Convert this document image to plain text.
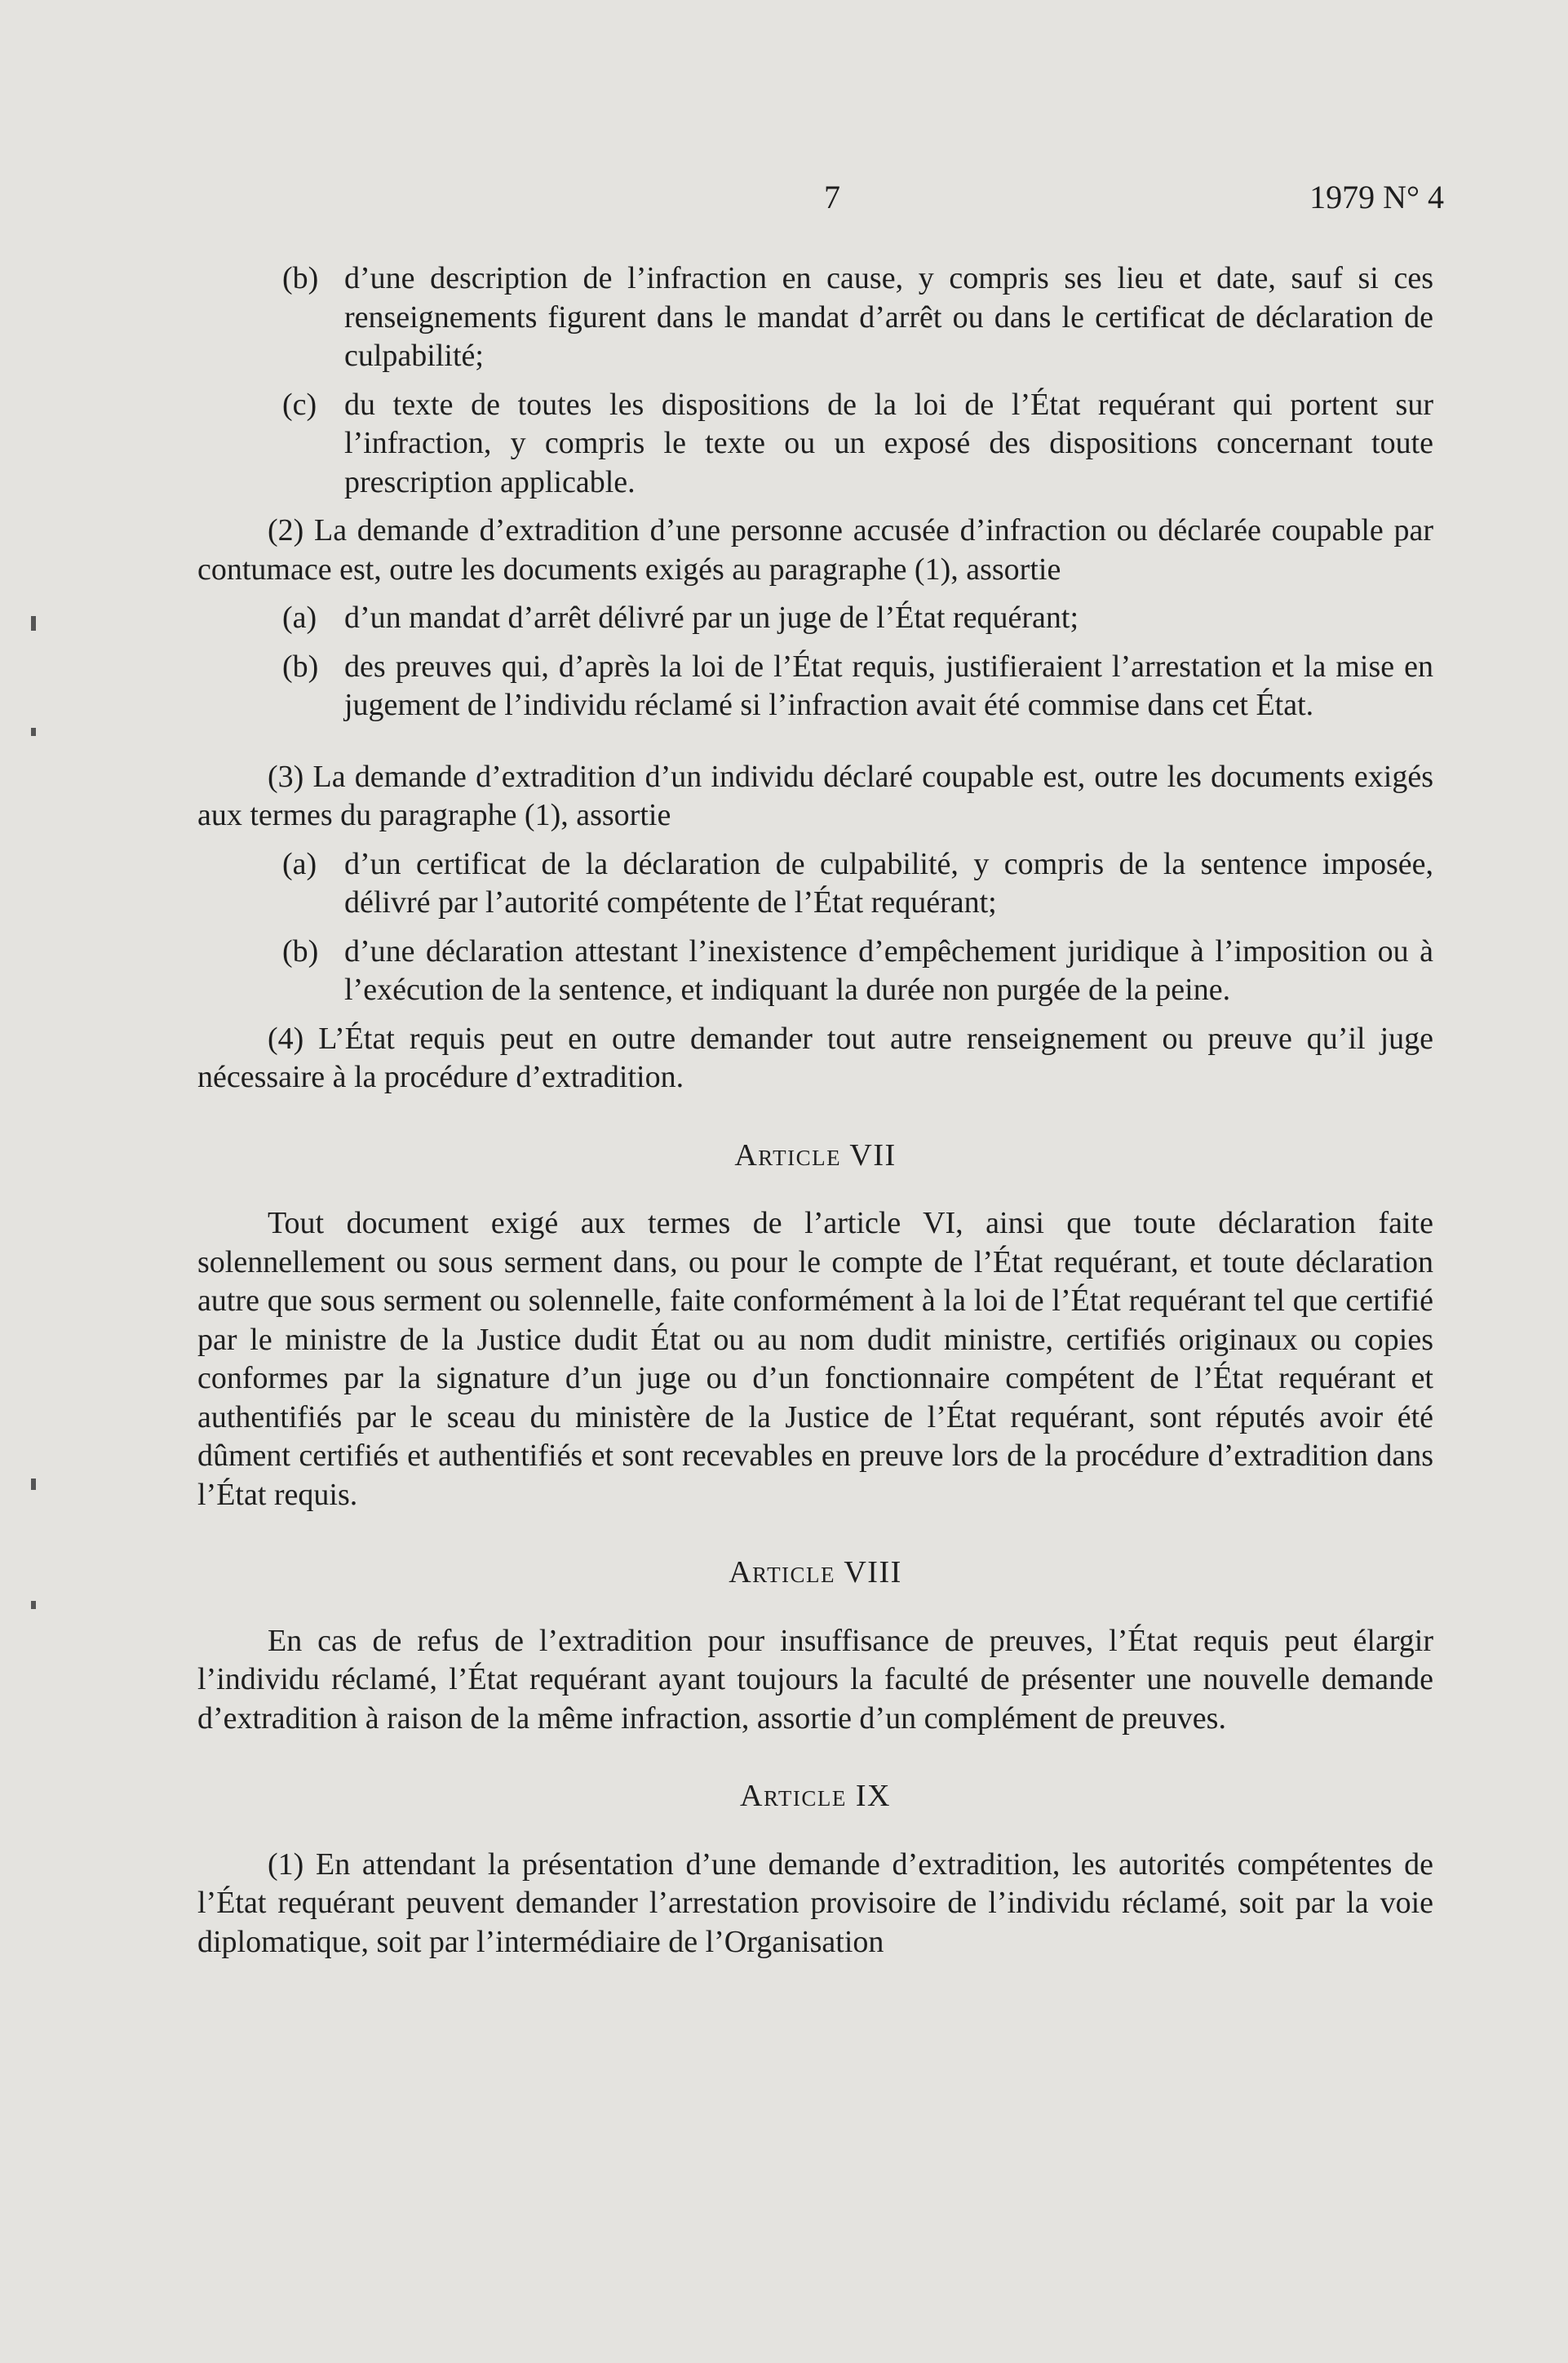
7	1979 N° 4
(b) d’une description de l’infraction en cause, y compris ses lieu et date, sauf si ces renseignements figurent dans le mandat d’arrêt ou dans le certificat de déclaration de culpabilité;
(c) du texte de toutes les dispositions de la loi de l’État requérant qui portent sur l’infraction, y compris le texte ou un exposé des dispositions concernant toute prescription applicable.

(2) La demande d’extradition d’une personne accusée d’infraction ou déclarée coupable par contumace est, outre les documents exigés au paragraphe (1), assortie

(a) d’un mandat d’arrêt délivré par un juge de l’État requérant;
(b) des preuves qui, d’après la loi de l’État requis, justifieraient l’arrestation et la mise en jugement de l’individu réclamé si l’infraction avait été commise dans cet État.

(3) La demande d’extradition d’un individu déclaré coupable est, outre les documents exigés aux termes du paragraphe (1), assortie

(a) d’un certificat de la déclaration de culpabilité, y compris de la sentence imposée, délivré par l’autorité compétente de l’État requérant;
(b) d’une déclaration attestant l’inexistence d’empêchement juridique à l’imposition ou à l’exécution de la sentence, et indiquant la durée non purgée de la peine.

(4) L’État requis peut en outre demander tout autre renseignement ou preuve qu’il juge nécessaire à la procédure d’extradition.

Article VII

Tout document exigé aux termes de l’article VI, ainsi que toute déclaration faite solennellement ou sous serment dans, ou pour le compte de l’État requérant, et toute déclaration autre que sous serment ou solennelle, faite conformément à la loi de l’État requérant tel que certifié par le ministre de la Justice dudit État ou au nom dudit ministre, certifiés originaux ou copies conformes par la signature d’un juge ou d’un fonctionnaire compétent de l’État requérant et authentifiés par le sceau du ministère de la Justice de l’État requérant, sont réputés avoir été dûment certifiés et authentifiés et sont recevables en preuve lors de la procédure d’extradition dans l’État requis.

Article VIII

En cas de refus de l’extradition pour insuffisance de preuves, l’État requis peut élargir l’individu réclamé, l’État requérant ayant toujours la faculté de présenter une nouvelle demande d’extradition à raison de la même infraction, assortie d’un complément de preuves.

Article IX

(1) En attendant la présentation d’une demande d’extradition, les autorités compétentes de l’État requérant peuvent demander l’arrestation provisoire de l’individu réclamé, soit par la voie diplomatique, soit par l’intermédiaire de l’Organisation
